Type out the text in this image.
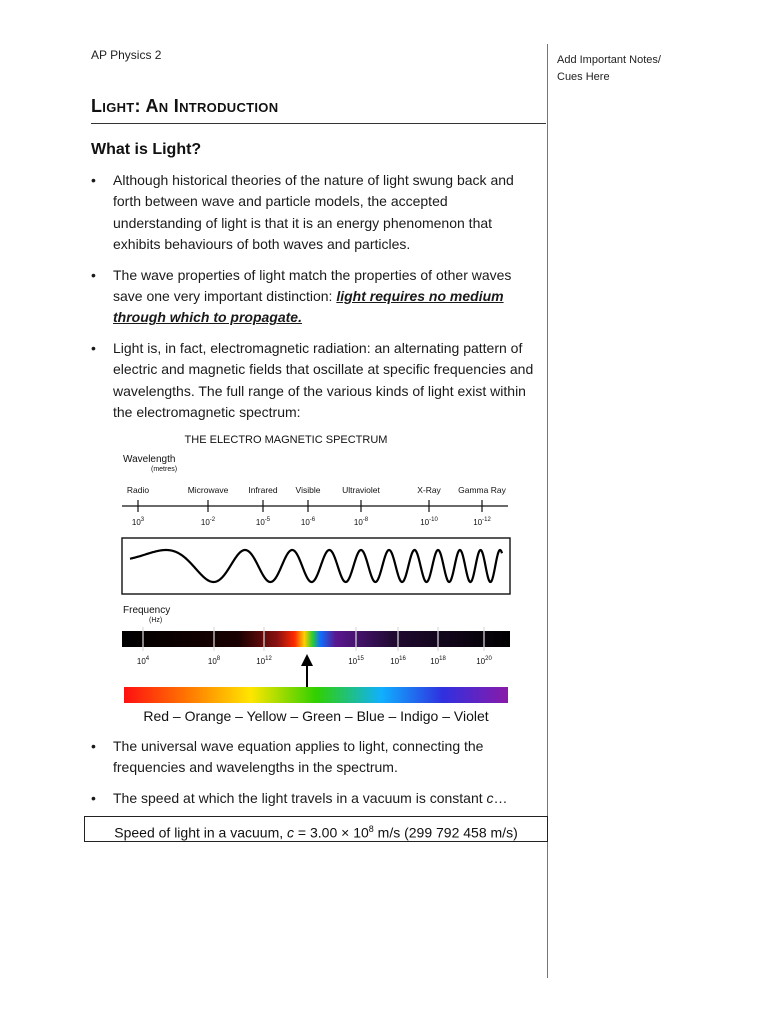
AP Physics 2	Add Important Notes/
Cues Here
Light: An Introduction
What is Light?
• Although historical theories of the nature of light swung back and forth between wave and particle models, the accepted understanding of light is that it is an energy phenomenon that exhibits behaviours of both waves and particles.
• The wave properties of light match the properties of other waves save one very important distinction: light requires no medium through which to propagate.
• Light is, in fact, electromagnetic radiation: an alternating pattern of electric and magnetic fields that oscillate at specific frequencies and wavelengths. The full range of the various kinds of light exist within the electromagnetic spectrum:
THE ELECTRO MAGNETIC SPECTRUM
Wavelength
(metres)
Radio
$10^3$
Microwave
$10^{-2}$
Infrared
$10^{-5}$
Visible
$10^{-6}$
Ultraviolet
$10^{-8}$
X-Ray
$10^{-10}$
Gamma Ray
$10^{-12}$
Frequency
(Hz)
$10^4$	$10^8$	$10^{12}$	$10^{15}$	$10^{16}$	$10^{18}$	$10^{20}$
Red – Orange – Yellow – Green – Blue – Indigo – Violet
• The universal wave equation applies to light, connecting the frequencies and wavelengths in the spectrum.
• The speed at which the light travels in a vacuum is constant c…
Speed of light in a vacuum, $c = 3.00 \times 10^8$ m/s (299 792 458 m/s)
